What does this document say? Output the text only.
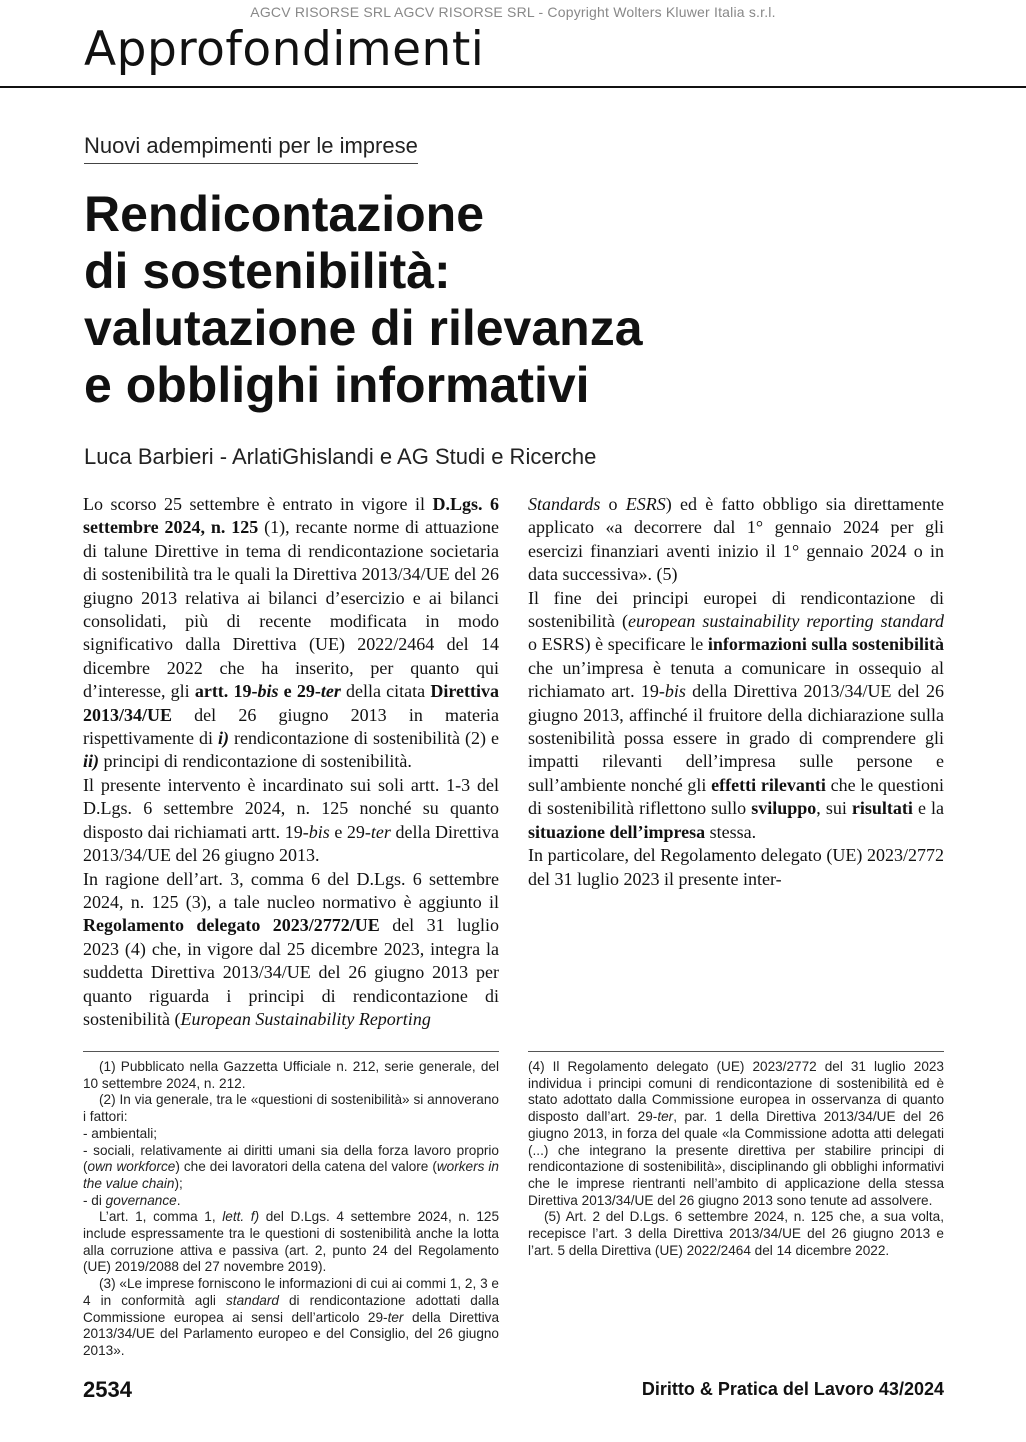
AGCV RISORSE SRL AGCV RISORSE SRL - Copyright Wolters Kluwer Italia s.r.l.
Approfondimenti
Nuovi adempimenti per le imprese
Rendicontazione
di sostenibilità:
valutazione di rilevanza
e obblighi informativi
Luca Barbieri - ArlatiGhislandi e AG Studi e Ricerche

Lo scorso 25 settembre è entrato in vigore il D.Lgs. 6 settembre 2024, n. 125 (1), recante norme di attuazione di talune Direttive in tema di rendicontazione societaria di sostenibilità tra le quali la Direttiva 2013/34/UE del 26 giugno 2013 relativa ai bilanci d’esercizio e ai bilanci consolidati, più di recente modificata in modo significativo dalla Direttiva (UE) 2022/2464 del 14 dicembre 2022 che ha inserito, per quanto qui d’interesse, gli artt. 19-bis e 29-ter della citata Direttiva 2013/34/UE del 26 giugno 2013 in materia rispettivamente di i) rendicontazione di sostenibilità (2) e ii) principi di rendicontazione di sostenibilità.

Il presente intervento è incardinato sui soli artt. 1-3 del D.Lgs. 6 settembre 2024, n. 125 nonché su quanto disposto dai richiamati artt. 19-bis e 29-ter della Direttiva 2013/34/UE del 26 giugno 2013.

In ragione dell’art. 3, comma 6 del D.Lgs. 6 settembre 2024, n. 125 (3), a tale nucleo normativo è aggiunto il Regolamento delegato 2023/2772/UE del 31 luglio 2023 (4) che, in vigore dal 25 dicembre 2023, integra la suddetta Direttiva 2013/34/UE del 26 giugno 2013 per quanto riguarda i principi di rendicontazione di sostenibilità (European Sustainability Reporting

(1) Pubblicato nella Gazzetta Ufficiale n. 212, serie generale, del 10 settembre 2024, n. 212.

(2) In via generale, tra le «questioni di sostenibilità» si annoverano i fattori:

- ambientali;

- sociali, relativamente ai diritti umani sia della forza lavoro proprio (own workforce) che dei lavoratori della catena del valore (workers in the value chain);

- di governance.

L’art. 1, comma 1, lett. f) del D.Lgs. 4 settembre 2024, n. 125 include espressamente tra le questioni di sostenibilità anche la lotta alla corruzione attiva e passiva (art. 2, punto 24 del Regolamento (UE) 2019/2088 del 27 novembre 2019).

(3) «Le imprese forniscono le informazioni di cui ai commi 1, 2, 3 e 4 in conformità agli standard di rendicontazione adottati dalla Commissione europea ai sensi dell’articolo 29-ter della Direttiva 2013/34/UE del Parlamento europeo e del Consiglio, del 26 giugno 2013».

2534	Diritto & Pratica del Lavoro 43/2024

Standards o ESRS) ed è fatto obbligo sia direttamente applicato «a decorrere dal 1° gennaio 2024 per gli esercizi finanziari aventi inizio il 1° gennaio 2024 o in data successiva». (5)

Il fine dei principi europei di rendicontazione di sostenibilità (european sustainability reporting standard o ESRS) è specificare le informazioni sulla sostenibilità che un’impresa è tenuta a comunicare in ossequio al richiamato art. 19-bis della Direttiva 2013/34/UE del 26 giugno 2013, affinché il fruitore della dichiarazione sulla sostenibilità possa essere in grado di comprendere gli impatti rilevanti dell’impresa sulle persone e sull’ambiente nonché gli effetti rilevanti che le questioni di sostenibilità riflettono sullo sviluppo, sui risultati e la situazione dell’impresa stessa.

In particolare, del Regolamento delegato (UE) 2023/2772 del 31 luglio 2023 il presente inter-

(4) Il Regolamento delegato (UE) 2023/2772 del 31 luglio 2023 individua i principi comuni di rendicontazione di sostenibilità ed è stato adottato dalla Commissione europea in osservanza di quanto disposto dall’art. 29-ter, par. 1 della Direttiva 2013/34/UE del 26 giugno 2013, in forza del quale «la Commissione adotta atti delegati (...) che integrano la presente direttiva per stabilire principi di rendicontazione di sostenibilità», disciplinando gli obblighi informativi che le imprese rientranti nell’ambito di applicazione della stessa Direttiva 2013/34/UE del 26 giugno 2013 sono tenute ad assolvere.

(5) Art. 2 del D.Lgs. 6 settembre 2024, n. 125 che, a sua volta, recepisce l’art. 3 della Direttiva 2013/34/UE del 26 giugno 2013 e l’art. 5 della Direttiva (UE) 2022/2464 del 14 dicembre 2022.
